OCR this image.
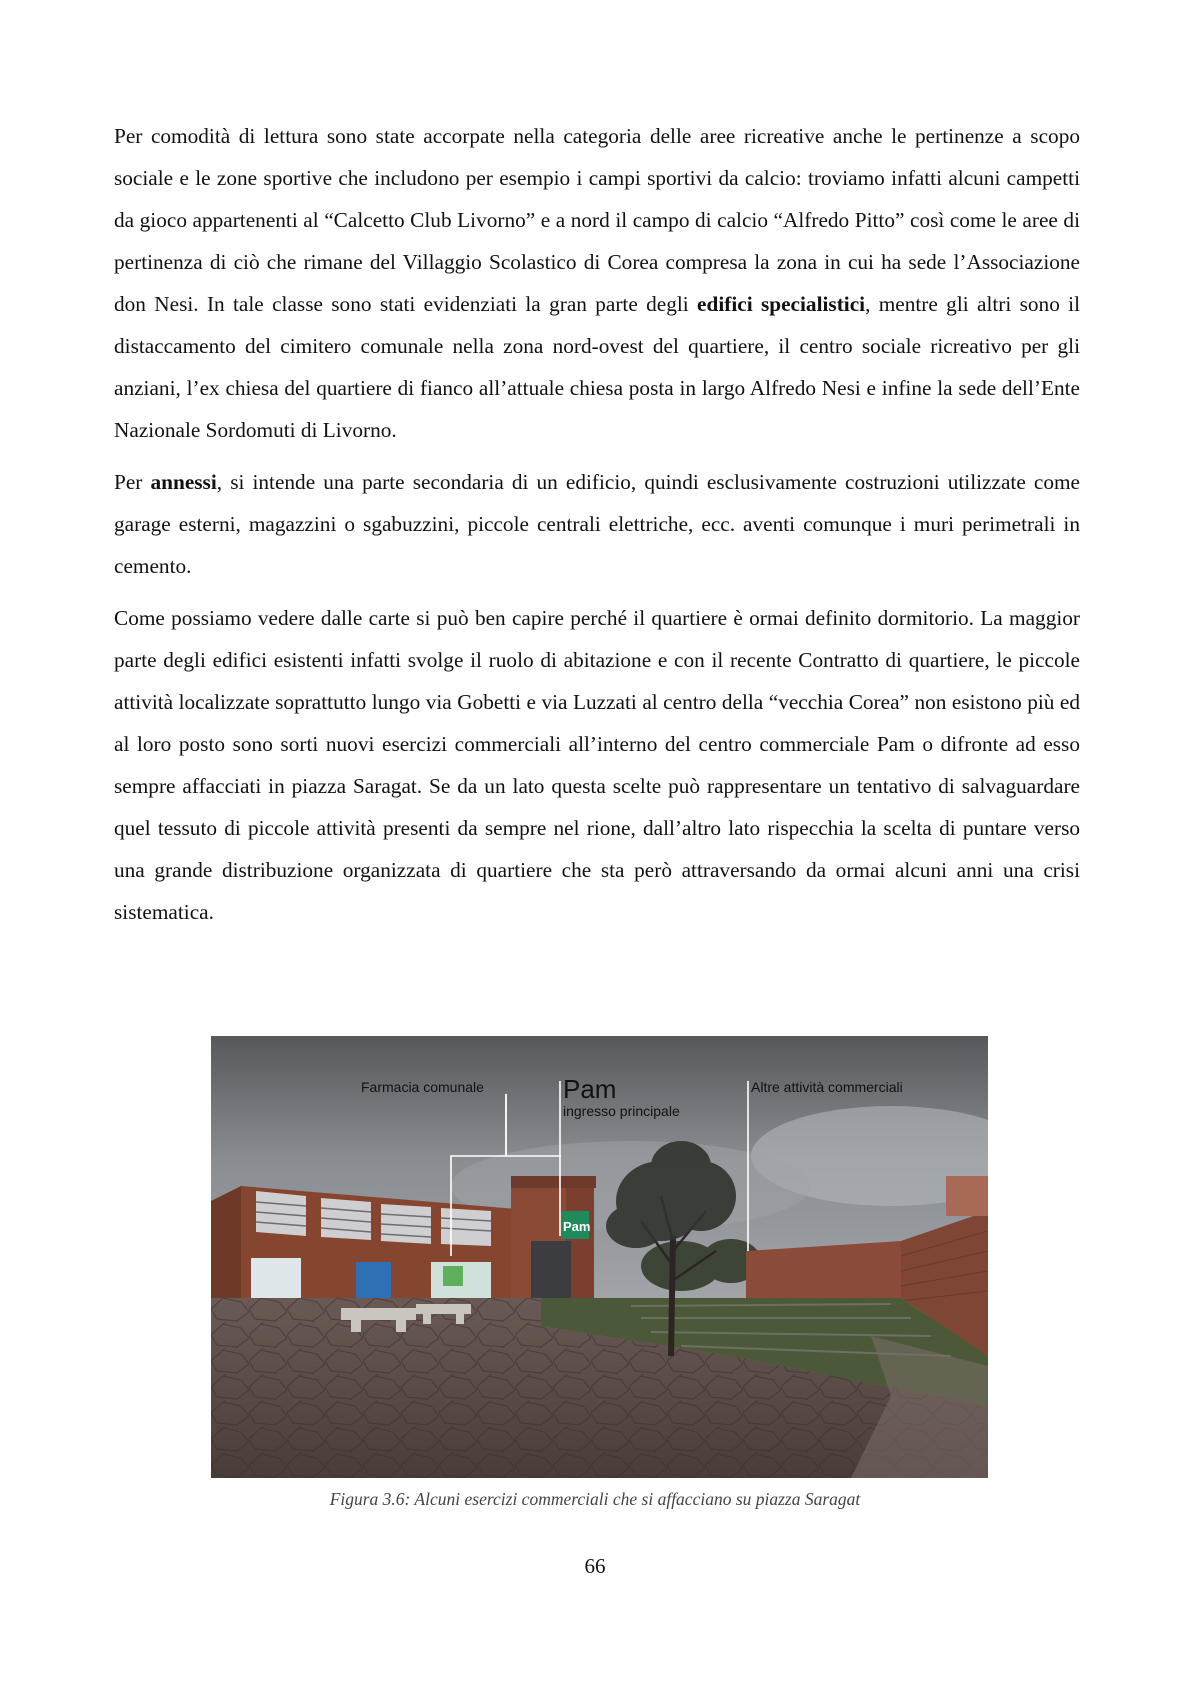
Per comodità di lettura sono state accorpate nella categoria delle aree ricreative anche le pertinenze a scopo sociale e le zone sportive che includono per esempio i campi sportivi da calcio: troviamo infatti alcuni campetti da gioco appartenenti al “Calcetto Club Livorno” e a nord il campo di calcio “Alfredo Pitto” così come le aree di pertinenza di ciò che rimane del Villaggio Scolastico di Corea compresa la zona in cui ha sede l’Associazione don Nesi. In tale classe sono stati evidenziati la gran parte degli edifici specialistici, mentre gli altri sono il distaccamento del cimitero comunale nella zona nord-ovest del quartiere, il centro sociale ricreativo per gli anziani, l’ex chiesa del quartiere di fianco all’attuale chiesa posta in largo Alfredo Nesi e infine la sede dell’Ente Nazionale Sordomuti di Livorno.

Per annessi, si intende una parte secondaria di un edificio, quindi esclusivamente costruzioni utilizzate come garage esterni, magazzini o sgabuzzini, piccole centrali elettriche, ecc. aventi comunque i muri perimetrali in cemento.

Come possiamo vedere dalle carte si può ben capire perché il quartiere è ormai definito dormitorio. La maggior parte degli edifici esistenti infatti svolge il ruolo di abitazione e con il recente Contratto di quartiere, le piccole attività localizzate soprattutto lungo via Gobetti e via Luzzati al centro della “vecchia Corea” non esistono più ed al loro posto sono sorti nuovi esercizi commerciali all’interno del centro commerciale Pam o difronte ad esso sempre affacciati in piazza Saragat. Se da un lato questa scelte può rappresentare un tentativo di salvaguardare quel tessuto di piccole attività presenti da sempre nel rione, dall’altro lato rispecchia la scelta di puntare verso una grande distribuzione organizzata di quartiere che sta però attraversando da ormai alcuni anni una crisi sistematica.

Pam
Farmacia comunale	Pam
ingresso principale
Altre attività commerciali
Figura 3.6: Alcuni esercizi commerciali che si affacciano su piazza Saragat
66
